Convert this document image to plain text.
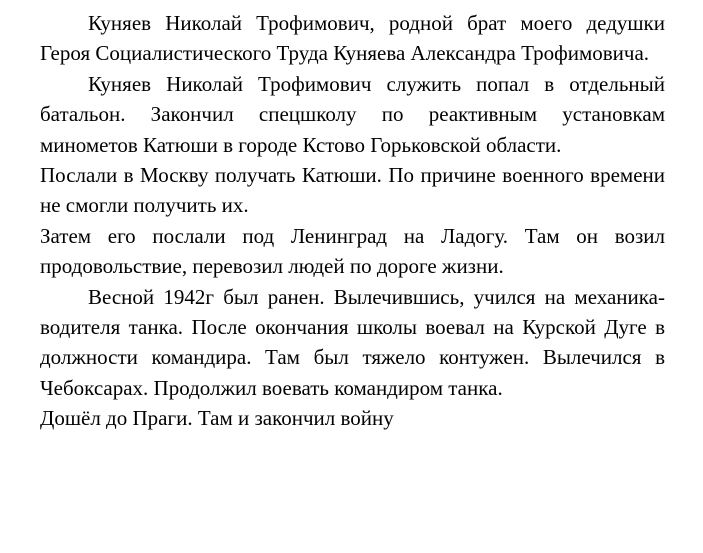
Куняев Николай Трофимович, родной брат моего дедушки Героя Социалистического Труда Куняева Александра Трофимовича.

Куняев Николай Трофимович служить попал в отдельный батальон. Закончил спецшколу по реактивным установкам минометов Катюши в городе Кстово Горьковской области.

Послали в Москву получать Катюши. По причине военного времени не смогли получить их.

Затем его послали под Ленинград на Ладогу. Там он возил продовольствие, перевозил людей по дороге жизни.

Весной 1942г был ранен. Вылечившись, учился на механика-водителя танка. После окончания школы воевал на Курской Дуге в должности командира. Там был тяжело контужен. Вылечился в Чебоксарах. Продолжил воевать командиром танка.

Дошёл до Праги. Там и закончил войну
